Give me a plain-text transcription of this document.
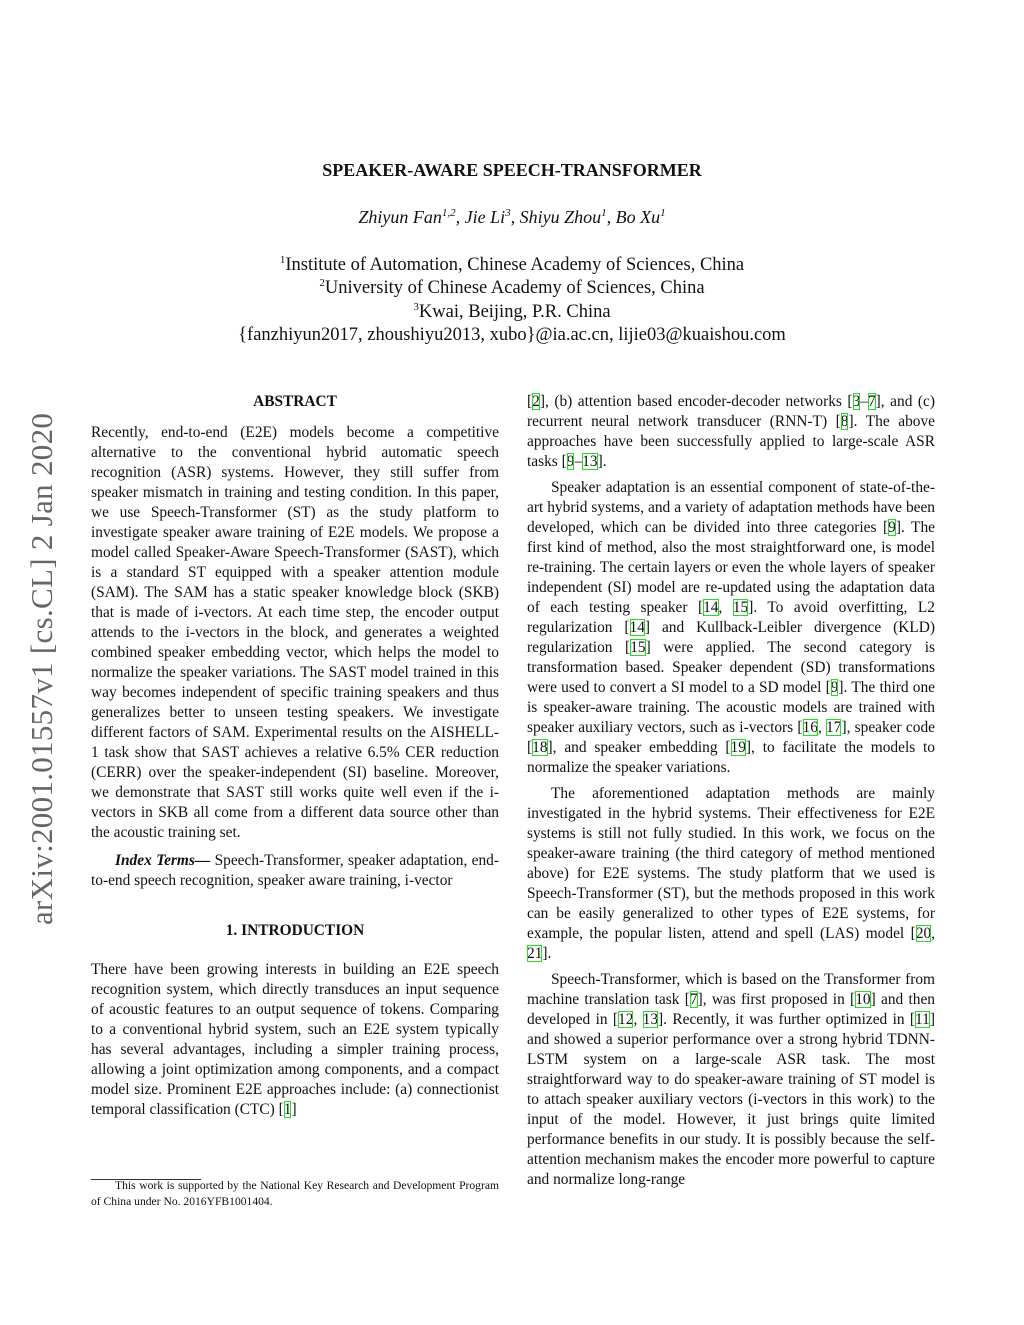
arXiv:2001.01557v1 [cs.CL] 2 Jan 2020
SPEAKER-AWARE SPEECH-TRANSFORMER
Zhiyun Fan$^{1,2}$, Jie Li$^3$, Shiyu Zhou$^1$, Bo Xu$^1$
$^1$Institute of Automation, Chinese Academy of Sciences, China
$^2$University of Chinese Academy of Sciences, China
$^3$Kwai, Beijing, P.R. China
{fanzhiyun2017, zhoushiyu2013, xubo}@ia.ac.cn, lijie03@kuaishou.com
ABSTRACT

Recently, end-to-end (E2E) models become a competitive alternative to the conventional hybrid automatic speech recognition (ASR) systems. However, they still suffer from speaker mismatch in training and testing condition. In this paper, we use Speech-Transformer (ST) as the study platform to investigate speaker aware training of E2E models. We propose a model called Speaker-Aware Speech-Transformer (SAST), which is a standard ST equipped with a speaker attention module (SAM). The SAM has a static speaker knowledge block (SKB) that is made of i-vectors. At each time step, the encoder output attends to the i-vectors in the block, and generates a weighted combined speaker embedding vector, which helps the model to normalize the speaker variations. The SAST model trained in this way becomes independent of specific training speakers and thus generalizes better to unseen testing speakers. We investigate different factors of SAM. Experimental results on the AISHELL-1 task show that SAST achieves a relative 6.5% CER reduction (CERR) over the speaker-independent (SI) baseline. Moreover, we demonstrate that SAST still works quite well even if the i-vectors in SKB all come from a different data source other than the acoustic training set.

Index Terms— Speech-Transformer, speaker adaptation, end-to-end speech recognition, speaker aware training, i-vector

1. INTRODUCTION

There have been growing interests in building an E2E speech recognition system, which directly transduces an input sequence of acoustic features to an output sequence of tokens. Comparing to a conventional hybrid system, such an E2E system typically has several advantages, including a simpler training process, allowing a joint optimization among components, and a compact model size. Prominent E2E approaches include: (a) connectionist temporal classification (CTC) [1]

This work is supported by the National Key Research and Development Program of China under No. 2016YFB1001404.

[2], (b) attention based encoder-decoder networks [3–7], and (c) recurrent neural network transducer (RNN-T) [8]. The above approaches have been successfully applied to large-scale ASR tasks [9–13].

Speaker adaptation is an essential component of state-of-the-art hybrid systems, and a variety of adaptation methods have been developed, which can be divided into three categories [9]. The first kind of method, also the most straightforward one, is model re-training. The certain layers or even the whole layers of speaker independent (SI) model are re-updated using the adaptation data of each testing speaker [14, 15]. To avoid overfitting, L2 regularization [14] and Kullback-Leibler divergence (KLD) regularization [15] were applied. The second category is transformation based. Speaker dependent (SD) transformations were used to convert a SI model to a SD model [9]. The third one is speaker-aware training. The acoustic models are trained with speaker auxiliary vectors, such as i-vectors [16, 17], speaker code [18], and speaker embedding [19], to facilitate the models to normalize the speaker variations.

The aforementioned adaptation methods are mainly investigated in the hybrid systems. Their effectiveness for E2E systems is still not fully studied. In this work, we focus on the speaker-aware training (the third category of method mentioned above) for E2E systems. The study platform that we used is Speech-Transformer (ST), but the methods proposed in this work can be easily generalized to other types of E2E systems, for example, the popular listen, attend and spell (LAS) model [20, 21].

Speech-Transformer, which is based on the Transformer from machine translation task [7], was first proposed in [10] and then developed in [12, 13]. Recently, it was further optimized in [11] and showed a superior performance over a strong hybrid TDNN-LSTM system on a large-scale ASR task. The most straightforward way to do speaker-aware training of ST model is to attach speaker auxiliary vectors (i-vectors in this work) to the input of the model. However, it just brings quite limited performance benefits in our study. It is possibly because the self-attention mechanism makes the encoder more powerful to capture and normalize long-range
